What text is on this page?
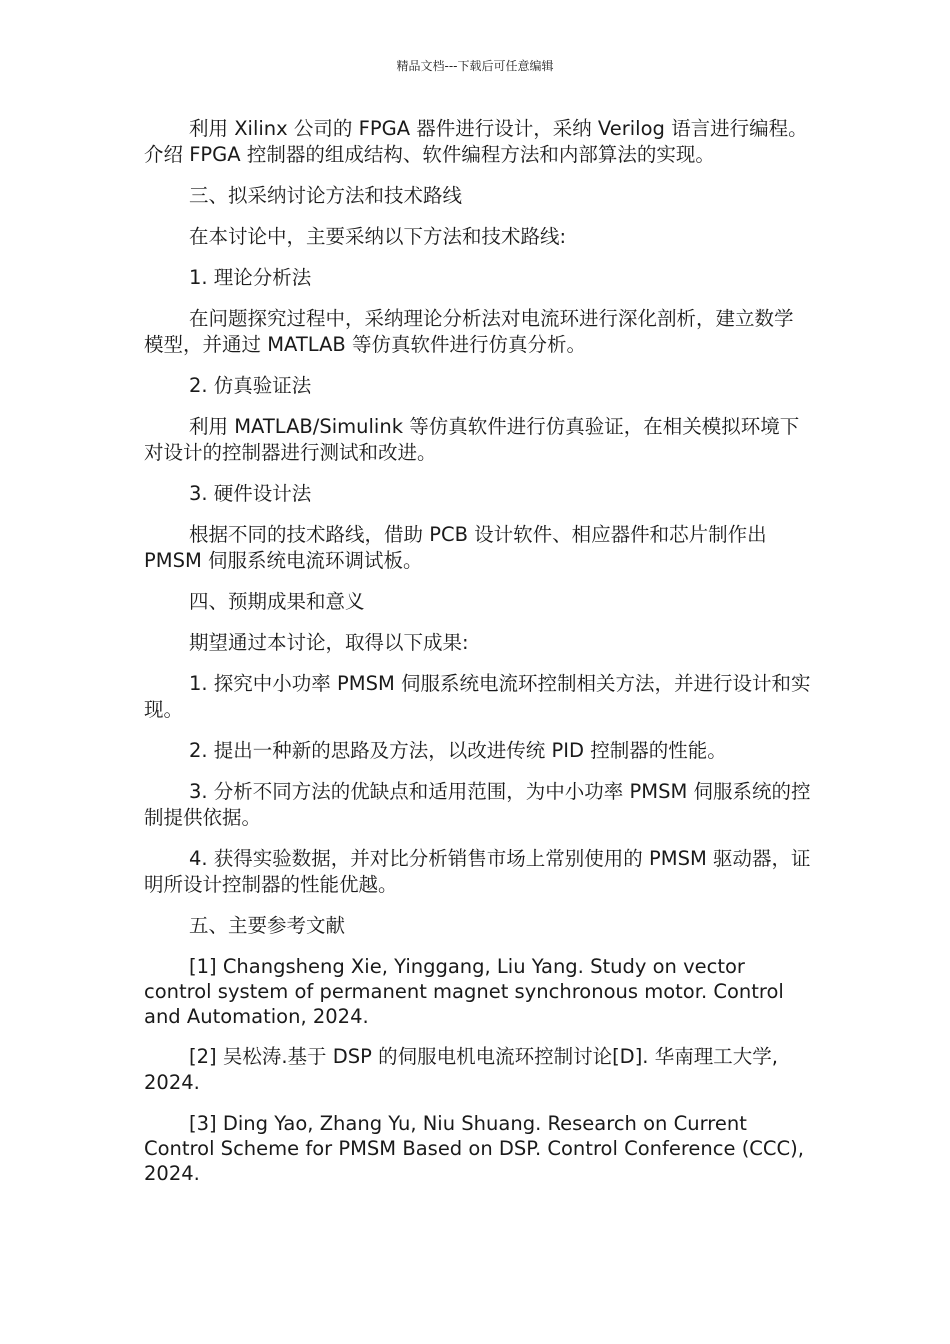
精品文档---下载后可任意编辑

利用 Xilinx 公司的 FPGA 器件进行设计，采纳 Verilog 语言进行编程。介绍 FPGA 控制器的组成结构、软件编程方法和内部算法的实现。

三、拟采纳讨论方法和技术路线

在本讨论中，主要采纳以下方法和技术路线:

1. 理论分析法

在问题探究过程中，采纳理论分析法对电流环进行深化剖析，建立数学模型，并通过 MATLAB 等仿真软件进行仿真分析。

2. 仿真验证法

利用 MATLAB/Simulink 等仿真软件进行仿真验证，在相关模拟环境下对设计的控制器进行测试和改进。

3. 硬件设计法

根据不同的技术路线，借助 PCB 设计软件、相应器件和芯片制作出 PMSM 伺服系统电流环调试板。

四、预期成果和意义

期望通过本讨论，取得以下成果:

1. 探究中小功率 PMSM 伺服系统电流环控制相关方法，并进行设计和实现。

2. 提出一种新的思路及方法，以改进传统 PID 控制器的性能。

3. 分析不同方法的优缺点和适用范围，为中小功率 PMSM 伺服系统的控制提供依据。

4. 获得实验数据，并对比分析销售市场上常别使用的 PMSM 驱动器，证明所设计控制器的性能优越。

五、主要参考文献

[1] Changsheng Xie, Yinggang, Liu Yang. Study on vector control system of permanent magnet synchronous motor. Control and Automation, 2024.

[2] 吴松涛.基于 DSP 的伺服电机电流环控制讨论[D]. 华南理工大学, 2024.

[3] Ding Yao, Zhang Yu, Niu Shuang. Research on Current Control Scheme for PMSM Based on DSP. Control Conference (CCC), 2024.
